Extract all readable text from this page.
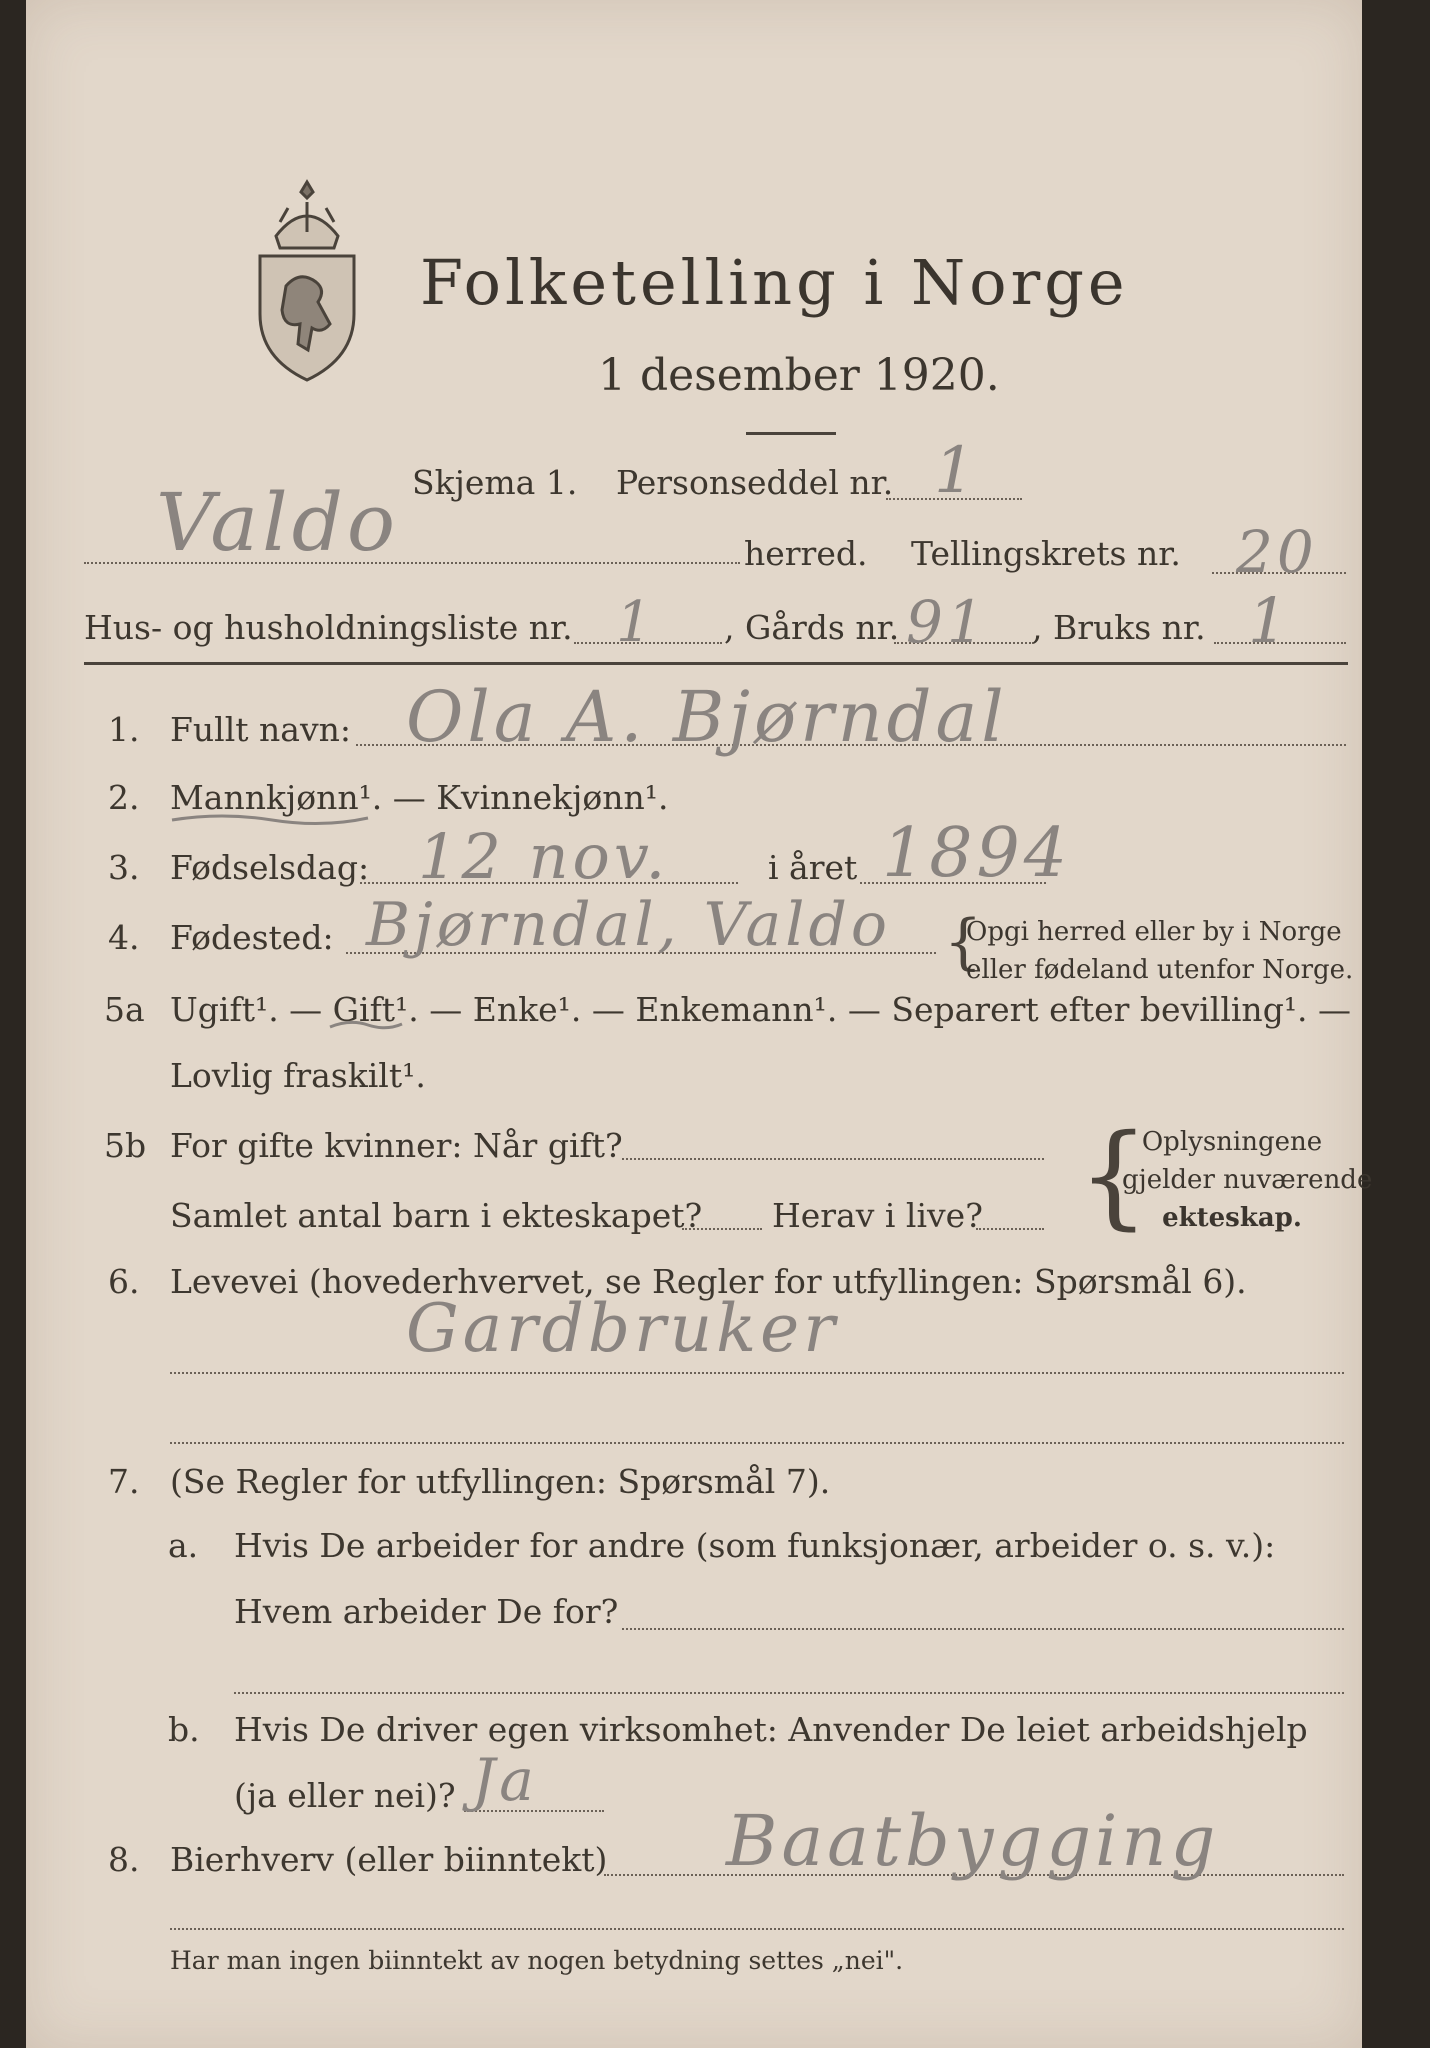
Folketelling i Norge
1 desember 1920.
Skjema 1. Personseddel nr. 1
Valdo	herred. Tellingskrets nr. 20
Hus- og husholdningsliste nr. 1 , Gårds nr. 91 , Bruks nr. 1
1. Fullt navn: Ola A. Bjørndal
2. Mannkjønn¹. — Kvinnekjønn¹.
3. Fødselsdag: 12 nov.	i året 1894
4. Fødested: Bjørndal, Valdo {
Opgi herred eller by i Norge
eller fødeland utenfor Norge.
5a Ugift¹. — Gift¹. — Enke¹. — Enkemann¹. — Separert efter bevilling¹. —
Lovlig fraskilt¹.
5b For gifte kvinner: Når gift?
Samlet antal barn i ekteskapet? Herav i live? {
Oplysningene
gjelder nuværende
ekteskap.
6. Levevei (hovederhvervet, se Regler for utfyllingen: Spørsmål 6).
Gardbruker
7. (Se Regler for utfyllingen: Spørsmål 7).
a. Hvis De arbeider for andre (som funksjonær, arbeider o. s. v.):
Hvem arbeider De for?
b. Hvis De driver egen virksomhet: Anvender De leiet arbeidshjelp
(ja eller nei)? Ja
8. Bierhverv (eller biinntekt) Baatbygging
Har man ingen biinntekt av nogen betydning settes „nei".
